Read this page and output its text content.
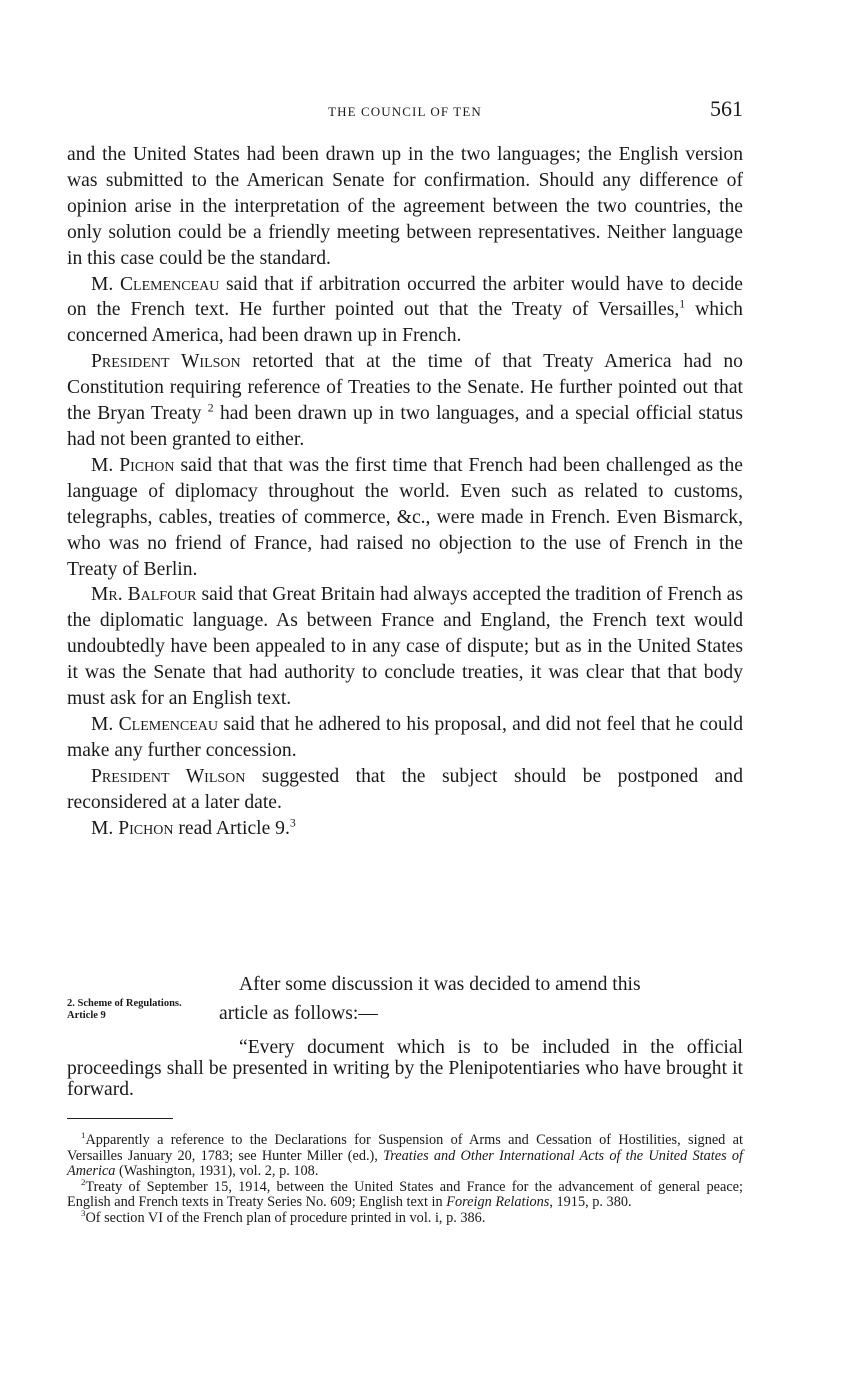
THE COUNCIL OF TEN	561

and the United States had been drawn up in the two languages; the English version was submitted to the American Senate for confirmation. Should any difference of opinion arise in the interpretation of the agreement between the two countries, the only solution could be a friendly meeting between representatives. Neither language in this case could be the standard.

M. Clemenceau said that if arbitration occurred the arbiter would have to decide on the French text. He further pointed out that the Treaty of Versailles,$^1$ which concerned America, had been drawn up in French.

President Wilson retorted that at the time of that Treaty America had no Constitution requiring reference of Treaties to the Senate. He further pointed out that the Bryan Treaty $^2$ had been drawn up in two languages, and a special official status had not been granted to either.

M. Pichon said that that was the first time that French had been challenged as the language of diplomacy throughout the world. Even such as related to customs, telegraphs, cables, treaties of commerce, &c., were made in French. Even Bismarck, who was no friend of France, had raised no objection to the use of French in the Treaty of Berlin.

Mr. Balfour said that Great Britain had always accepted the tradition of French as the diplomatic language. As between France and England, the French text would undoubtedly have been appealed to in any case of dispute; but as in the United States it was the Senate that had authority to conclude treaties, it was clear that that body must ask for an English text.

M. Clemenceau said that he adhered to his proposal, and did not feel that he could make any further concession.

President Wilson suggested that the subject should be postponed and reconsidered at a later date.

M. Pichon read Article 9.$^3$

2. Scheme of Regulations. Article 9
After some discussion it was decided to amend this
article as follows:—

“Every document which is to be included in the official proceedings shall be presented in writing by the Plenipotentiaries who have brought it forward.

$^1$Apparently a reference to the Declarations for Suspension of Arms and Cessation of Hostilities, signed at Versailles January 20, 1783; see Hunter Miller (ed.), Treaties and Other International Acts of the United States of America (Washington, 1931), vol. 2, p. 108.

$^2$Treaty of September 15, 1914, between the United States and France for the advancement of general peace; English and French texts in Treaty Series No. 609; English text in Foreign Relations, 1915, p. 380.

$^3$Of section VI of the French plan of procedure printed in vol. i, p. 386.
